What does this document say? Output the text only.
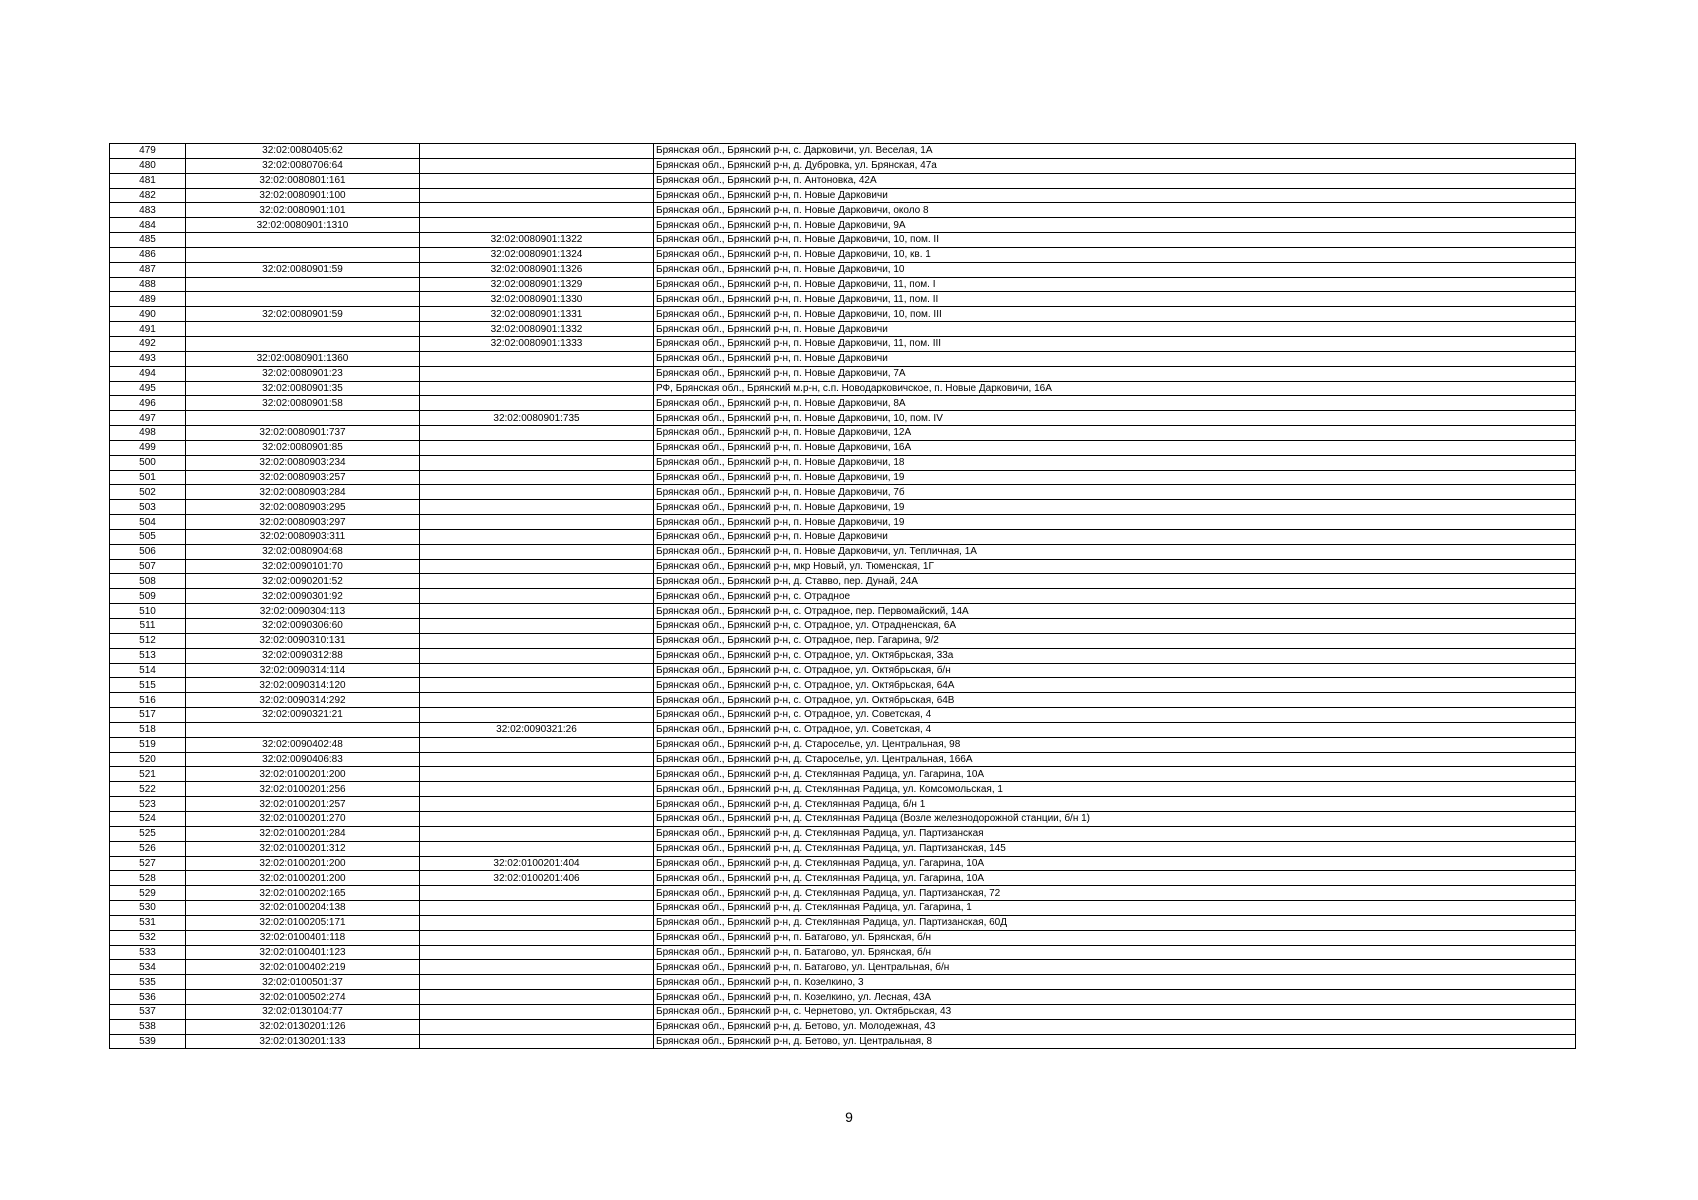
479	32:02:0080405:62		Брянская обл., Брянский р-н, с. Дарковичи, ул. Веселая, 1А
480	32:02:0080706:64		Брянская обл., Брянский р-н, д. Дубровка, ул. Брянская, 47а
481	32:02:0080801:161		Брянская обл., Брянский р-н, п. Антоновка, 42А
482	32:02:0080901:100		Брянская обл., Брянский р-н, п. Новые Дарковичи
483	32:02:0080901:101		Брянская обл., Брянский р-н, п. Новые Дарковичи, около 8
484	32:02:0080901:1310		Брянская обл., Брянский р-н, п. Новые Дарковичи, 9А
485		32:02:0080901:1322	Брянская обл., Брянский р-н, п. Новые Дарковичи, 10, пом. II
486		32:02:0080901:1324	Брянская обл., Брянский р-н, п. Новые Дарковичи, 10, кв. 1
487	32:02:0080901:59	32:02:0080901:1326	Брянская обл., Брянский р-н, п. Новые Дарковичи, 10
488		32:02:0080901:1329	Брянская обл., Брянский р-н, п. Новые Дарковичи, 11, пом. I
489		32:02:0080901:1330	Брянская обл., Брянский р-н, п. Новые Дарковичи, 11, пом. II
490	32:02:0080901:59	32:02:0080901:1331	Брянская обл., Брянский р-н, п. Новые Дарковичи, 10, пом. III
491		32:02:0080901:1332	Брянская обл., Брянский р-н, п. Новые Дарковичи
492		32:02:0080901:1333	Брянская обл., Брянский р-н, п. Новые Дарковичи, 11, пом. III
493	32:02:0080901:1360		Брянская обл., Брянский р-н, п. Новые Дарковичи
494	32:02:0080901:23		Брянская обл., Брянский р-н, п. Новые Дарковичи, 7А
495	32:02:0080901:35		РФ, Брянская обл., Брянский м.р-н, с.п. Новодарковичское, п. Новые Дарковичи, 16А
496	32:02:0080901:58		Брянская обл., Брянский р-н, п. Новые Дарковичи, 8А
497		32:02:0080901:735	Брянская обл., Брянский р-н, п. Новые Дарковичи, 10, пом. IV
498	32:02:0080901:737		Брянская обл., Брянский р-н, п. Новые Дарковичи, 12А
499	32:02:0080901:85		Брянская обл., Брянский р-н, п. Новые Дарковичи, 16А
500	32:02:0080903:234		Брянская обл., Брянский р-н, п. Новые Дарковичи, 18
501	32:02:0080903:257		Брянская обл., Брянский р-н, п. Новые Дарковичи, 19
502	32:02:0080903:284		Брянская обл., Брянский р-н, п. Новые Дарковичи, 7б
503	32:02:0080903:295		Брянская обл., Брянский р-н, п. Новые Дарковичи, 19
504	32:02:0080903:297		Брянская обл., Брянский р-н, п. Новые Дарковичи, 19
505	32:02:0080903:311		Брянская обл., Брянский р-н, п. Новые Дарковичи
506	32:02:0080904:68		Брянская обл., Брянский р-н, п. Новые Дарковичи, ул. Тепличная, 1А
507	32:02:0090101:70		Брянская обл., Брянский р-н, мкр Новый, ул. Тюменская, 1Г
508	32:02:0090201:52		Брянская обл., Брянский р-н, д. Ставво, пер. Дунай, 24А
509	32:02:0090301:92		Брянская обл., Брянский р-н, с. Отрадное
510	32:02:0090304:113		Брянская обл., Брянский р-н, с. Отрадное, пер. Первомайский, 14А
511	32:02:0090306:60		Брянская обл., Брянский р-н, с. Отрадное, ул. Отрадненская, 6А
512	32:02:0090310:131		Брянская обл., Брянский р-н, с. Отрадное, пер. Гагарина, 9/2
513	32:02:0090312:88		Брянская обл., Брянский р-н, с. Отрадное, ул. Октябрьская, 33а
514	32:02:0090314:114		Брянская обл., Брянский р-н, с. Отрадное, ул. Октябрьская, б/н
515	32:02:0090314:120		Брянская обл., Брянский р-н, с. Отрадное, ул. Октябрьская, 64А
516	32:02:0090314:292		Брянская обл., Брянский р-н, с. Отрадное, ул. Октябрьская, 64В
517	32:02:0090321:21		Брянская обл., Брянский р-н, с. Отрадное, ул. Советская, 4
518		32:02:0090321:26	Брянская обл., Брянский р-н, с. Отрадное, ул. Советская, 4
519	32:02:0090402:48		Брянская обл., Брянский р-н, д. Староселье, ул. Центральная, 98
520	32:02:0090406:83		Брянская обл., Брянский р-н, д. Староселье, ул. Центральная, 166А
521	32:02:0100201:200		Брянская обл., Брянский р-н, д. Стеклянная Радица, ул. Гагарина, 10А
522	32:02:0100201:256		Брянская обл., Брянский р-н, д. Стеклянная Радица, ул. Комсомольская, 1
523	32:02:0100201:257		Брянская обл., Брянский р-н, д. Стеклянная Радица, б/н 1
524	32:02:0100201:270		Брянская обл., Брянский р-н, д. Стеклянная Радица (Возле железнодорожной станции, б/н 1)
525	32:02:0100201:284		Брянская обл., Брянский р-н, д. Стеклянная Радица, ул. Партизанская
526	32:02:0100201:312		Брянская обл., Брянский р-н, д. Стеклянная Радица, ул. Партизанская, 145
527	32:02:0100201:200	32:02:0100201:404	Брянская обл., Брянский р-н, д. Стеклянная Радица, ул. Гагарина, 10А
528	32:02:0100201:200	32:02:0100201:406	Брянская обл., Брянский р-н, д. Стеклянная Радица, ул. Гагарина, 10А
529	32:02:0100202:165		Брянская обл., Брянский р-н, д. Стеклянная Радица, ул. Партизанская, 72
530	32:02:0100204:138		Брянская обл., Брянский р-н, д. Стеклянная Радица, ул. Гагарина, 1
531	32:02:0100205:171		Брянская обл., Брянский р-н, д. Стеклянная Радица, ул. Партизанская, 60Д
532	32:02:0100401:118		Брянская обл., Брянский р-н, п. Батагово, ул. Брянская, б/н
533	32:02:0100401:123		Брянская обл., Брянский р-н, п. Батагово, ул. Брянская, б/н
534	32:02:0100402:219		Брянская обл., Брянский р-н, п. Батагово, ул. Центральная, б/н
535	32:02:0100501:37		Брянская обл., Брянский р-н, п. Козелкино, 3
536	32:02:0100502:274		Брянская обл., Брянский р-н, п. Козелкино, ул. Лесная, 43А
537	32:02:0130104:77		Брянская обл., Брянский р-н, с. Чернетово, ул. Октябрьская, 43
538	32:02:0130201:126		Брянская обл., Брянский р-н, д. Бетово, ул. Молодежная, 43
539	32:02:0130201:133		Брянская обл., Брянский р-н, д. Бетово, ул. Центральная, 8
9
